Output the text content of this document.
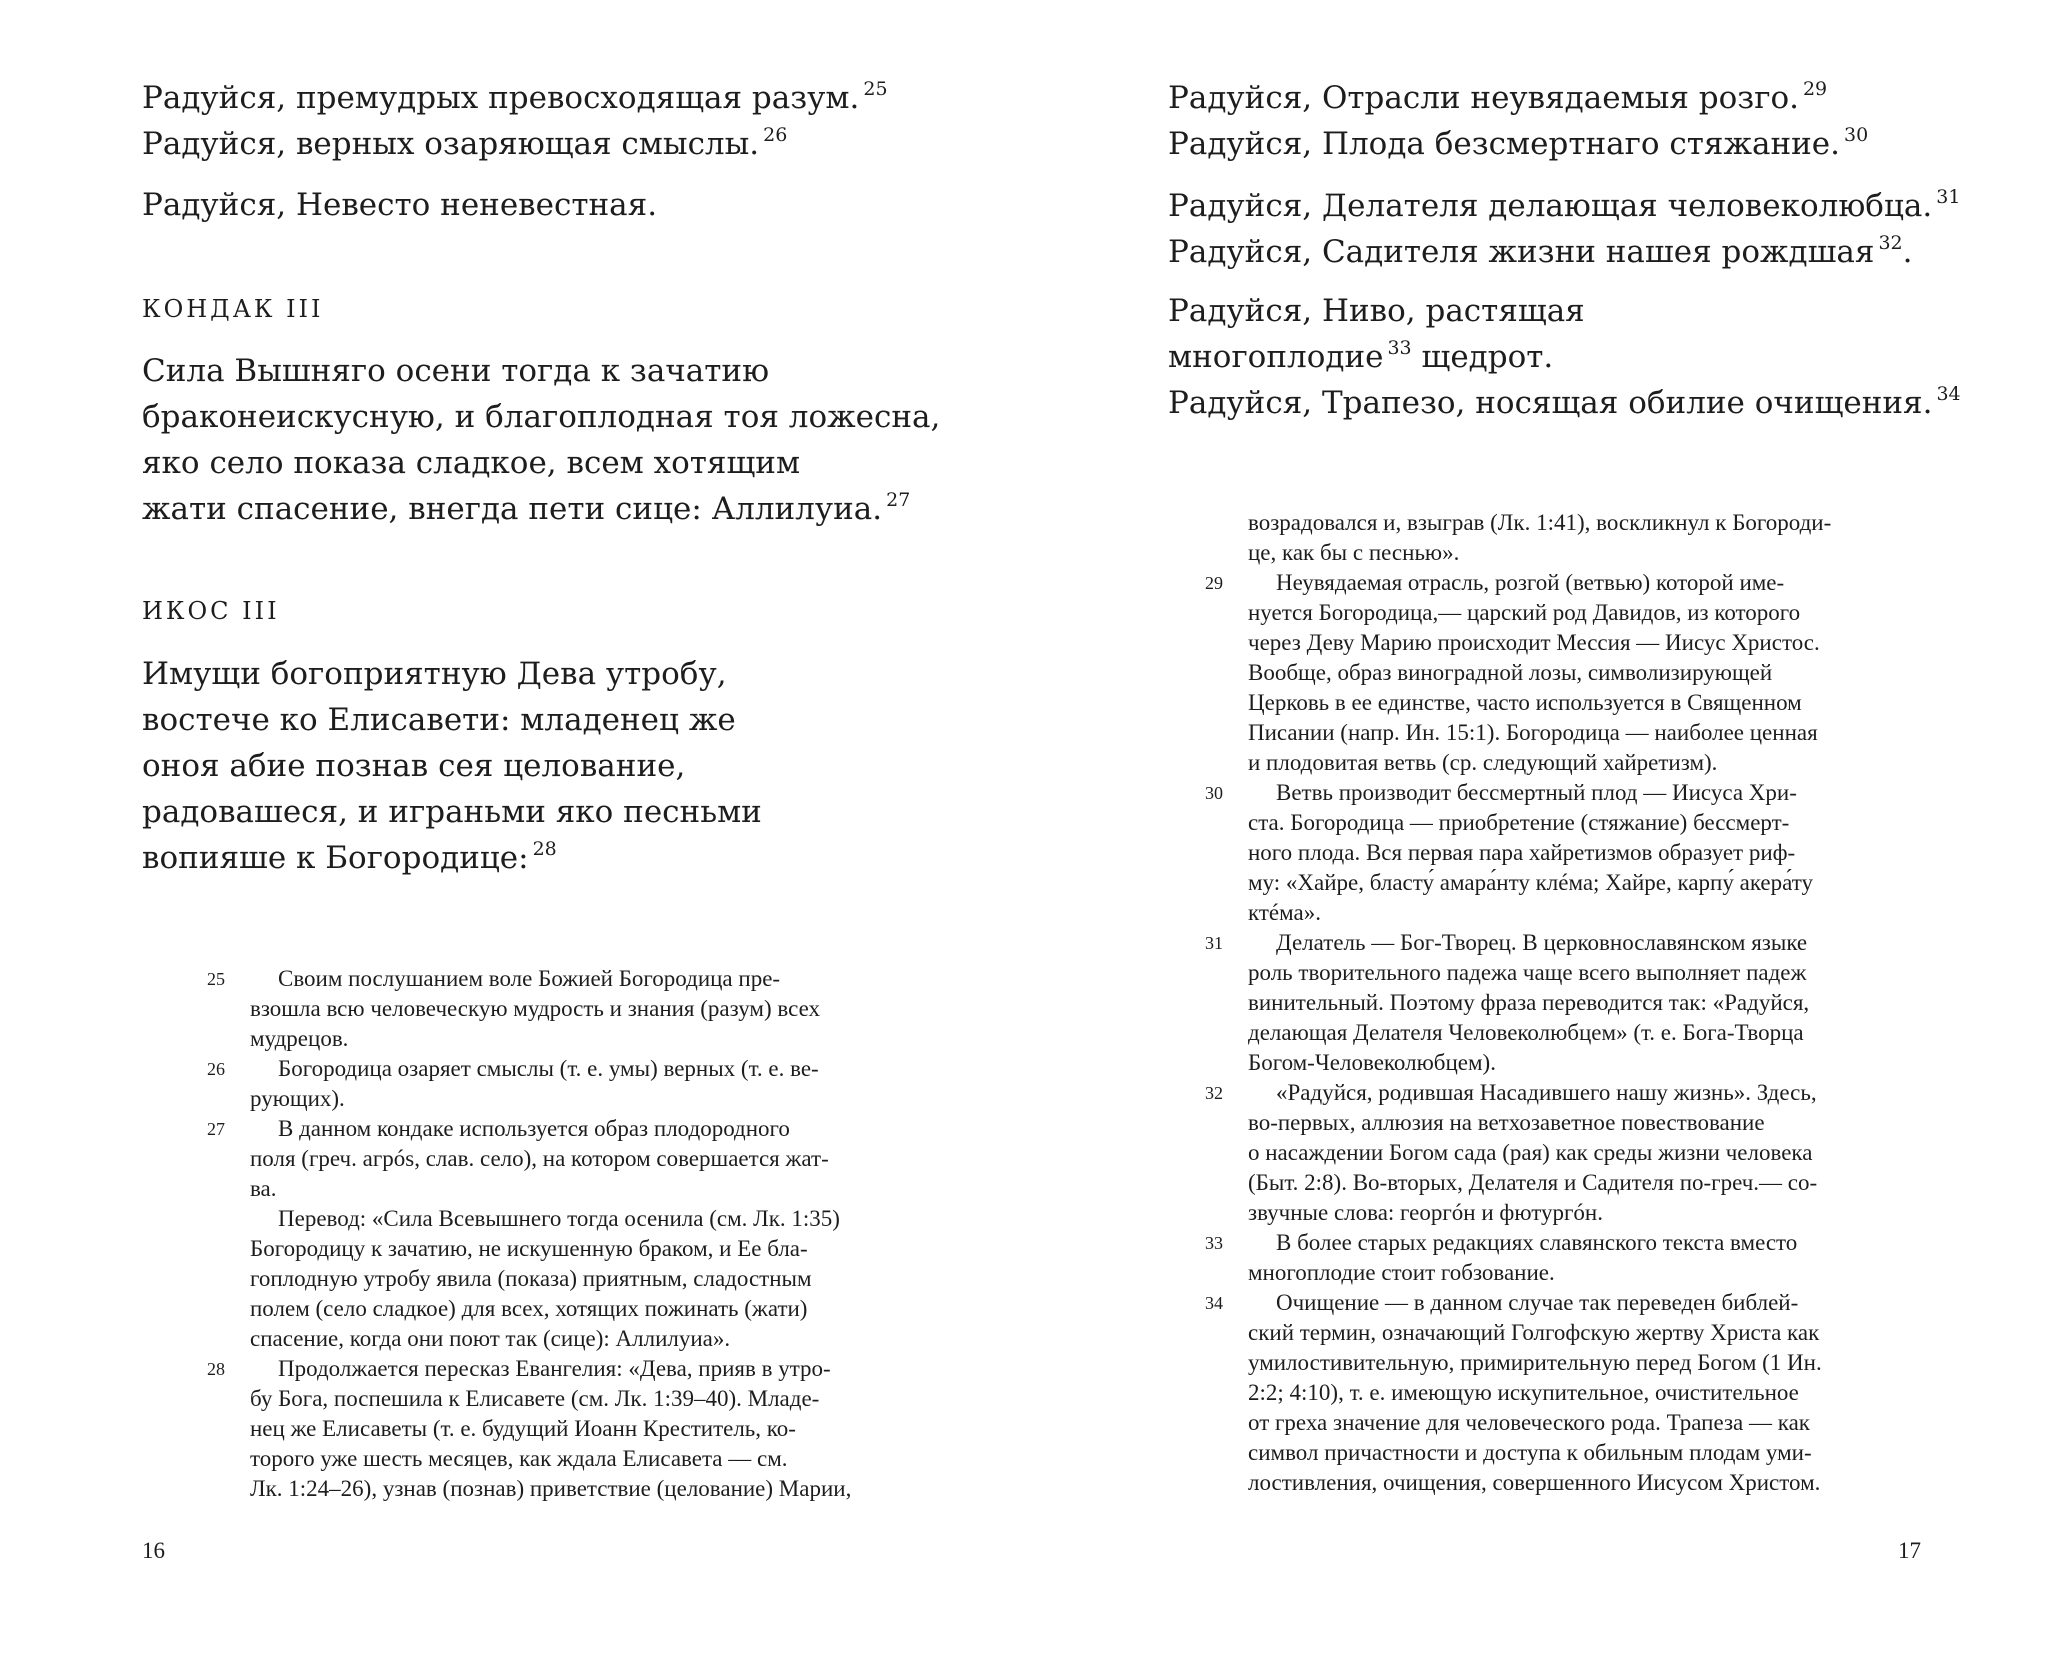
Радуйся, премудрых превосходящая разум. $^{25}$
Радуйся, верных озаряющая смыслы. $^{26}$
Радуйся, Невесто неневестная.
КОНДАК III
Сила Вышняго осени тогда к зачатию
браконеискусную, и благоплодная тоя ложесна,
яко село показа сладкое, всем хотящим
жати спасение, внегда пети сице: Аллилуиа. $^{27}$
ИКОС III
Имущи богоприятную Дева утробу,
востече ко Елисавети: младенец же
оноя абие познав сея целование,
радовашеся, и играньми яко песньми
вопияше к Богородице: $^{28}$
25	Своим послушанием воле Божией Богородица пре-
взошла всю человеческую мудрость и знания (разум) всех
мудрецов.
26	Богородица озаряет смыслы (т. е. умы) верных (т. е. ве-
рующих).
27	В данном кондаке используется образ плодородного
поля (греч. агрós, слав. село), на котором совершается жат-
ва.
Перевод: «Сила Всевышнего тогда осенила (см. Лк. 1:35)
Богородицу к зачатию, не искушенную браком, и Ее бла-
гоплодную утробу явила (показа) приятным, сладостным
полем (село сладкое) для всех, хотящих пожинать (жати)
спасение, когда они поют так (сице): Аллилуиа».
28	Продолжается пересказ Евангелия: «Дева, прияв в утро-
бу Бога, поспешила к Елисавете (см. Лк. 1:39–40). Младе-
нец же Елисаветы (т. е. будущий Иоанн Креститель, ко-
торого уже шесть месяцев, как ждала Елисавета — см.
Лк. 1:24–26), узнав (познав) приветствие (целование) Марии,
16
Радуйся, Отрасли неувядаемыя розго. $^{29}$
Радуйся, Плода безсмертнаго стяжание. $^{30}$
Радуйся, Делателя делающая человеколюбца. $^{31}$
Радуйся, Садителя жизни нашея рождшая $^{32}$.
Радуйся, Ниво, растящая
многоплодие $^{33}$ щедрот.
Радуйся, Трапезо, носящая обилие очищения. $^{34}$
возрадовался и, взыграв (Лк. 1:41), воскликнул к Богороди-
це, как бы с песнью».
29	Неувядаемая отрасль, розгой (ветвью) которой име-
нуется Богородица,— царский род Давидов, из которого
через Деву Марию происходит Мессия — Иисус Христос.
Вообще, образ виноградной лозы, символизирующей
Церковь в ее единстве, часто используется в Священном
Писании (напр. Ин. 15:1). Богородица — наиболее ценная
и плодовитая ветвь (ср. следующий хайретизм).
30	Ветвь производит бессмертный плод — Иисуса Хри-
ста. Богородица — приобретение (стяжание) бессмерт-
ного плода. Вся первая пара хайретизмов образует риф-
му: «Хайре, бласту́ амара́нту клéма; Хайре, карпу́ акера́ту
ктéма».
31	Делатель — Бог-Творец. В церковнославянском языке
роль творительного падежа чаще всего выполняет падеж
винительный. Поэтому фраза переводится так: «Радуйся,
делающая Делателя Человеколюбцем» (т. е. Бога-Творца
Богом-Человеколюбцем).
32	«Радуйся, родившая Насадившего нашу жизнь». Здесь,
во-первых, аллюзия на ветхозаветное повествование
о насаждении Богом сада (рая) как среды жизни человека
(Быт. 2:8). Во-вторых, Делателя и Садителя по-греч.— со-
звучные слова: георгóн и фютургóн.
33	В более старых редакциях славянского текста вместо
многоплодие стоит гобзование.
34	Очищение — в данном случае так переведен библей-
ский термин, означающий Голгофскую жертву Христа как
умилостивительную, примирительную перед Богом (1 Ин.
2:2; 4:10), т. е. имеющую искупительное, очистительное
от греха значение для человеческого рода. Трапеза — как
символ причастности и доступа к обильным плодам уми-
лостивления, очищения, совершенного Иисусом Христом.
17
